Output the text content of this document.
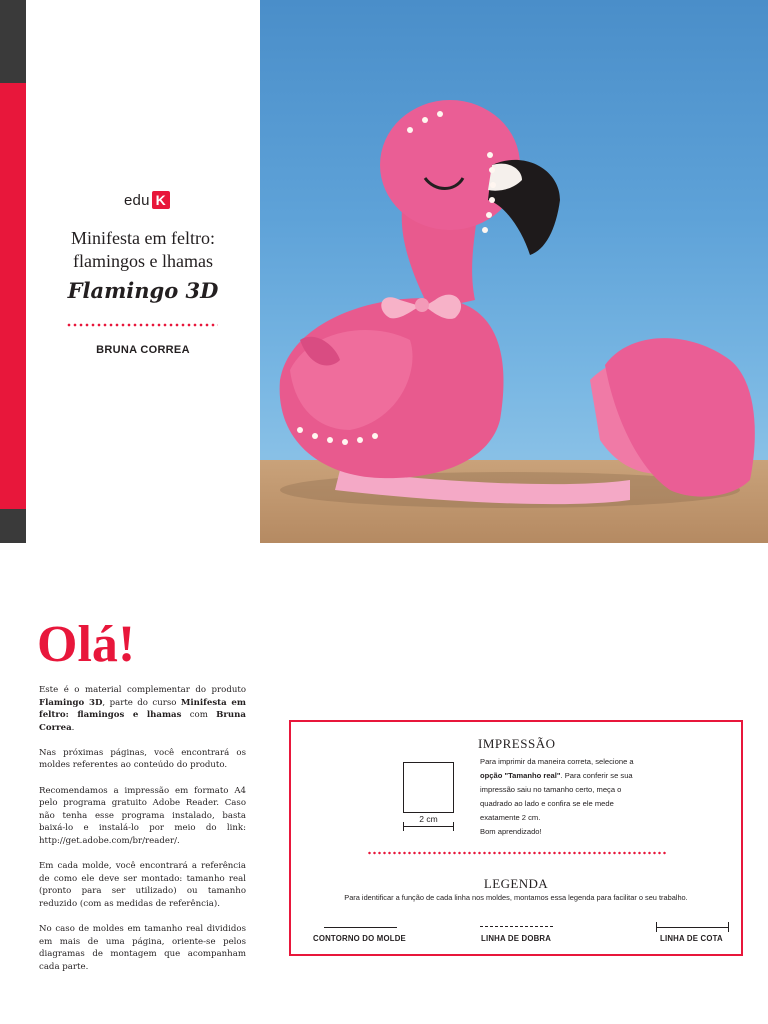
edu K
Minifesta em feltro:
flamingos e lhamas
Flamingo 3D
BRUNA CORREA
Olá!

Este é o material complementar do produto Flamingo 3D, parte do curso Minifesta em feltro: flamingos e lhamas com Bruna Correa.

Nas próximas páginas, você encontrará os moldes referentes ao conteúdo do produto.

Recomendamos a impressão em formato A4 pelo programa gratuito Adobe Reader. Caso não tenha esse programa instalado, basta baixá-lo e instalá-lo por meio do link: http://get.adobe.com/br/reader/.

Em cada molde, você encontrará a referência de como ele deve ser montado: tamanho real (pronto para ser utilizado) ou tamanho reduzido (com as medidas de referência).

No caso de moldes em tamanho real divididos em mais de uma página, oriente-se pelos diagramas de montagem que acompanham cada parte.

IMPRESSÃO
2 cm
Para imprimir da maneira correta, selecione a opção "Tamanho real". Para conferir se sua impressão saiu no tamanho certo, meça o quadrado ao lado e confira se ele mede exatamente 2 cm.
Bom aprendizado!
LEGENDA
Para identificar a função de cada linha nos moldes, montamos essa legenda para facilitar o seu trabalho.
CONTORNO DO MOLDE	LINHA DE DOBRA	LINHA DE COTA
